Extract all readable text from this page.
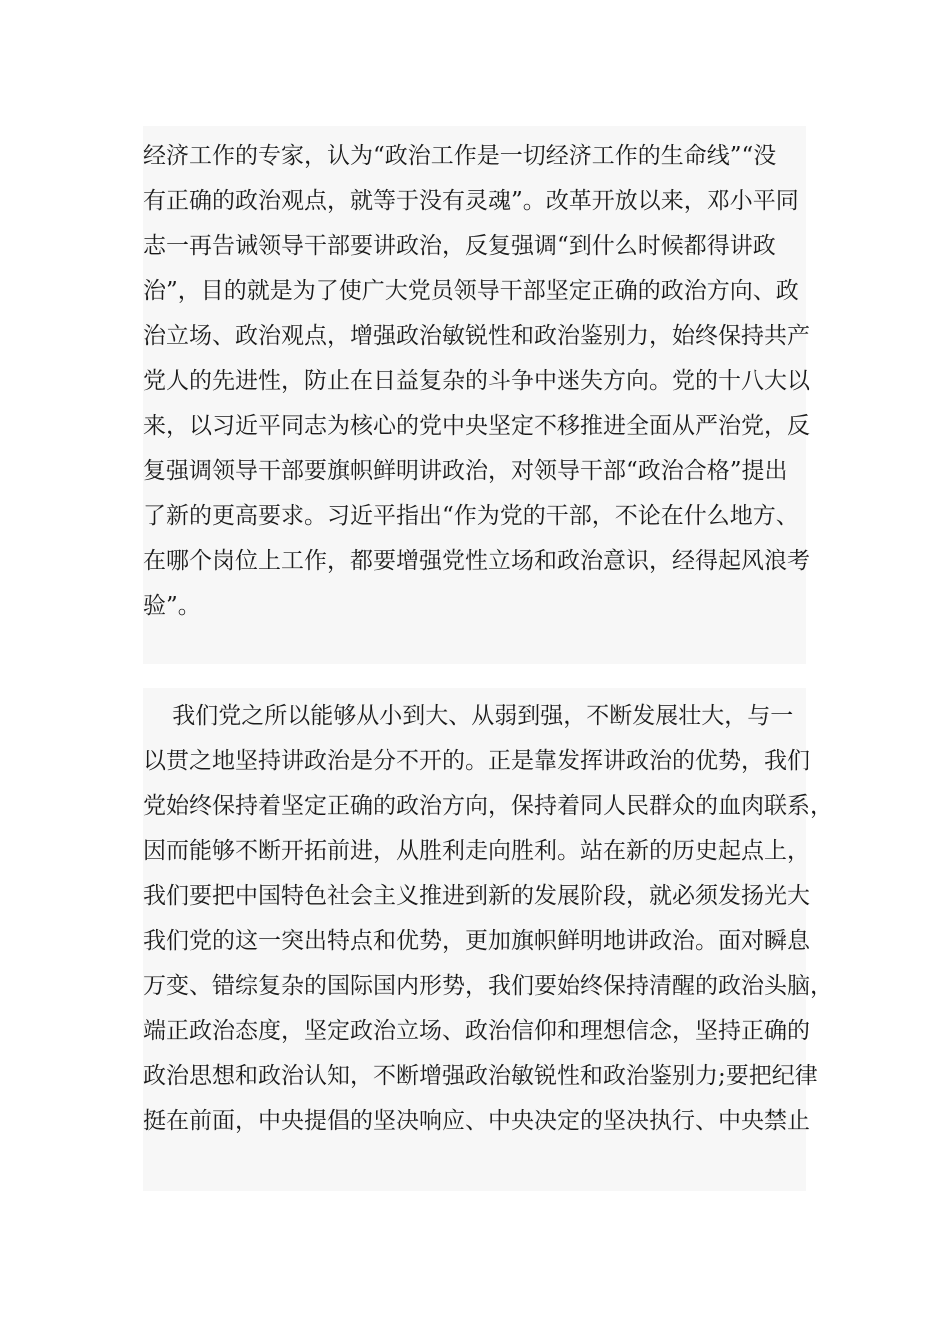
经济工作的专家，认为“政治工作是一切经济工作的生命线”“没
有正确的政治观点，就等于没有灵魂”。改革开放以来，邓小平同
志一再告诫领导干部要讲政治，反复强调“到什么时候都得讲政
治”，目的就是为了使广大党员领导干部坚定正确的政治方向、政
治立场、政治观点，增强政治敏锐性和政治鉴别力，始终保持共产
党人的先进性，防止在日益复杂的斗争中迷失方向。党的十八大以
来，以习近平同志为核心的党中央坚定不移推进全面从严治党，反
复强调领导干部要旗帜鲜明讲政治，对领导干部“政治合格”提出
了新的更高要求。习近平指出“作为党的干部，不论在什么地方、
在哪个岗位上工作，都要增强党性立场和政治意识，经得起风浪考
验”。
我们党之所以能够从小到大、从弱到强，不断发展壮大，与一
以贯之地坚持讲政治是分不开的。正是靠发挥讲政治的优势，我们
党始终保持着坚定正确的政治方向，保持着同人民群众的血肉联系，
因而能够不断开拓前进，从胜利走向胜利。站在新的历史起点上，
我们要把中国特色社会主义推进到新的发展阶段，就必须发扬光大
我们党的这一突出特点和优势，更加旗帜鲜明地讲政治。面对瞬息
万变、错综复杂的国际国内形势，我们要始终保持清醒的政治头脑，
端正政治态度，坚定政治立场、政治信仰和理想信念，坚持正确的
政治思想和政治认知，不断增强政治敏锐性和政治鉴别力;要把纪律
挺在前面，中央提倡的坚决响应、中央决定的坚决执行、中央禁止
